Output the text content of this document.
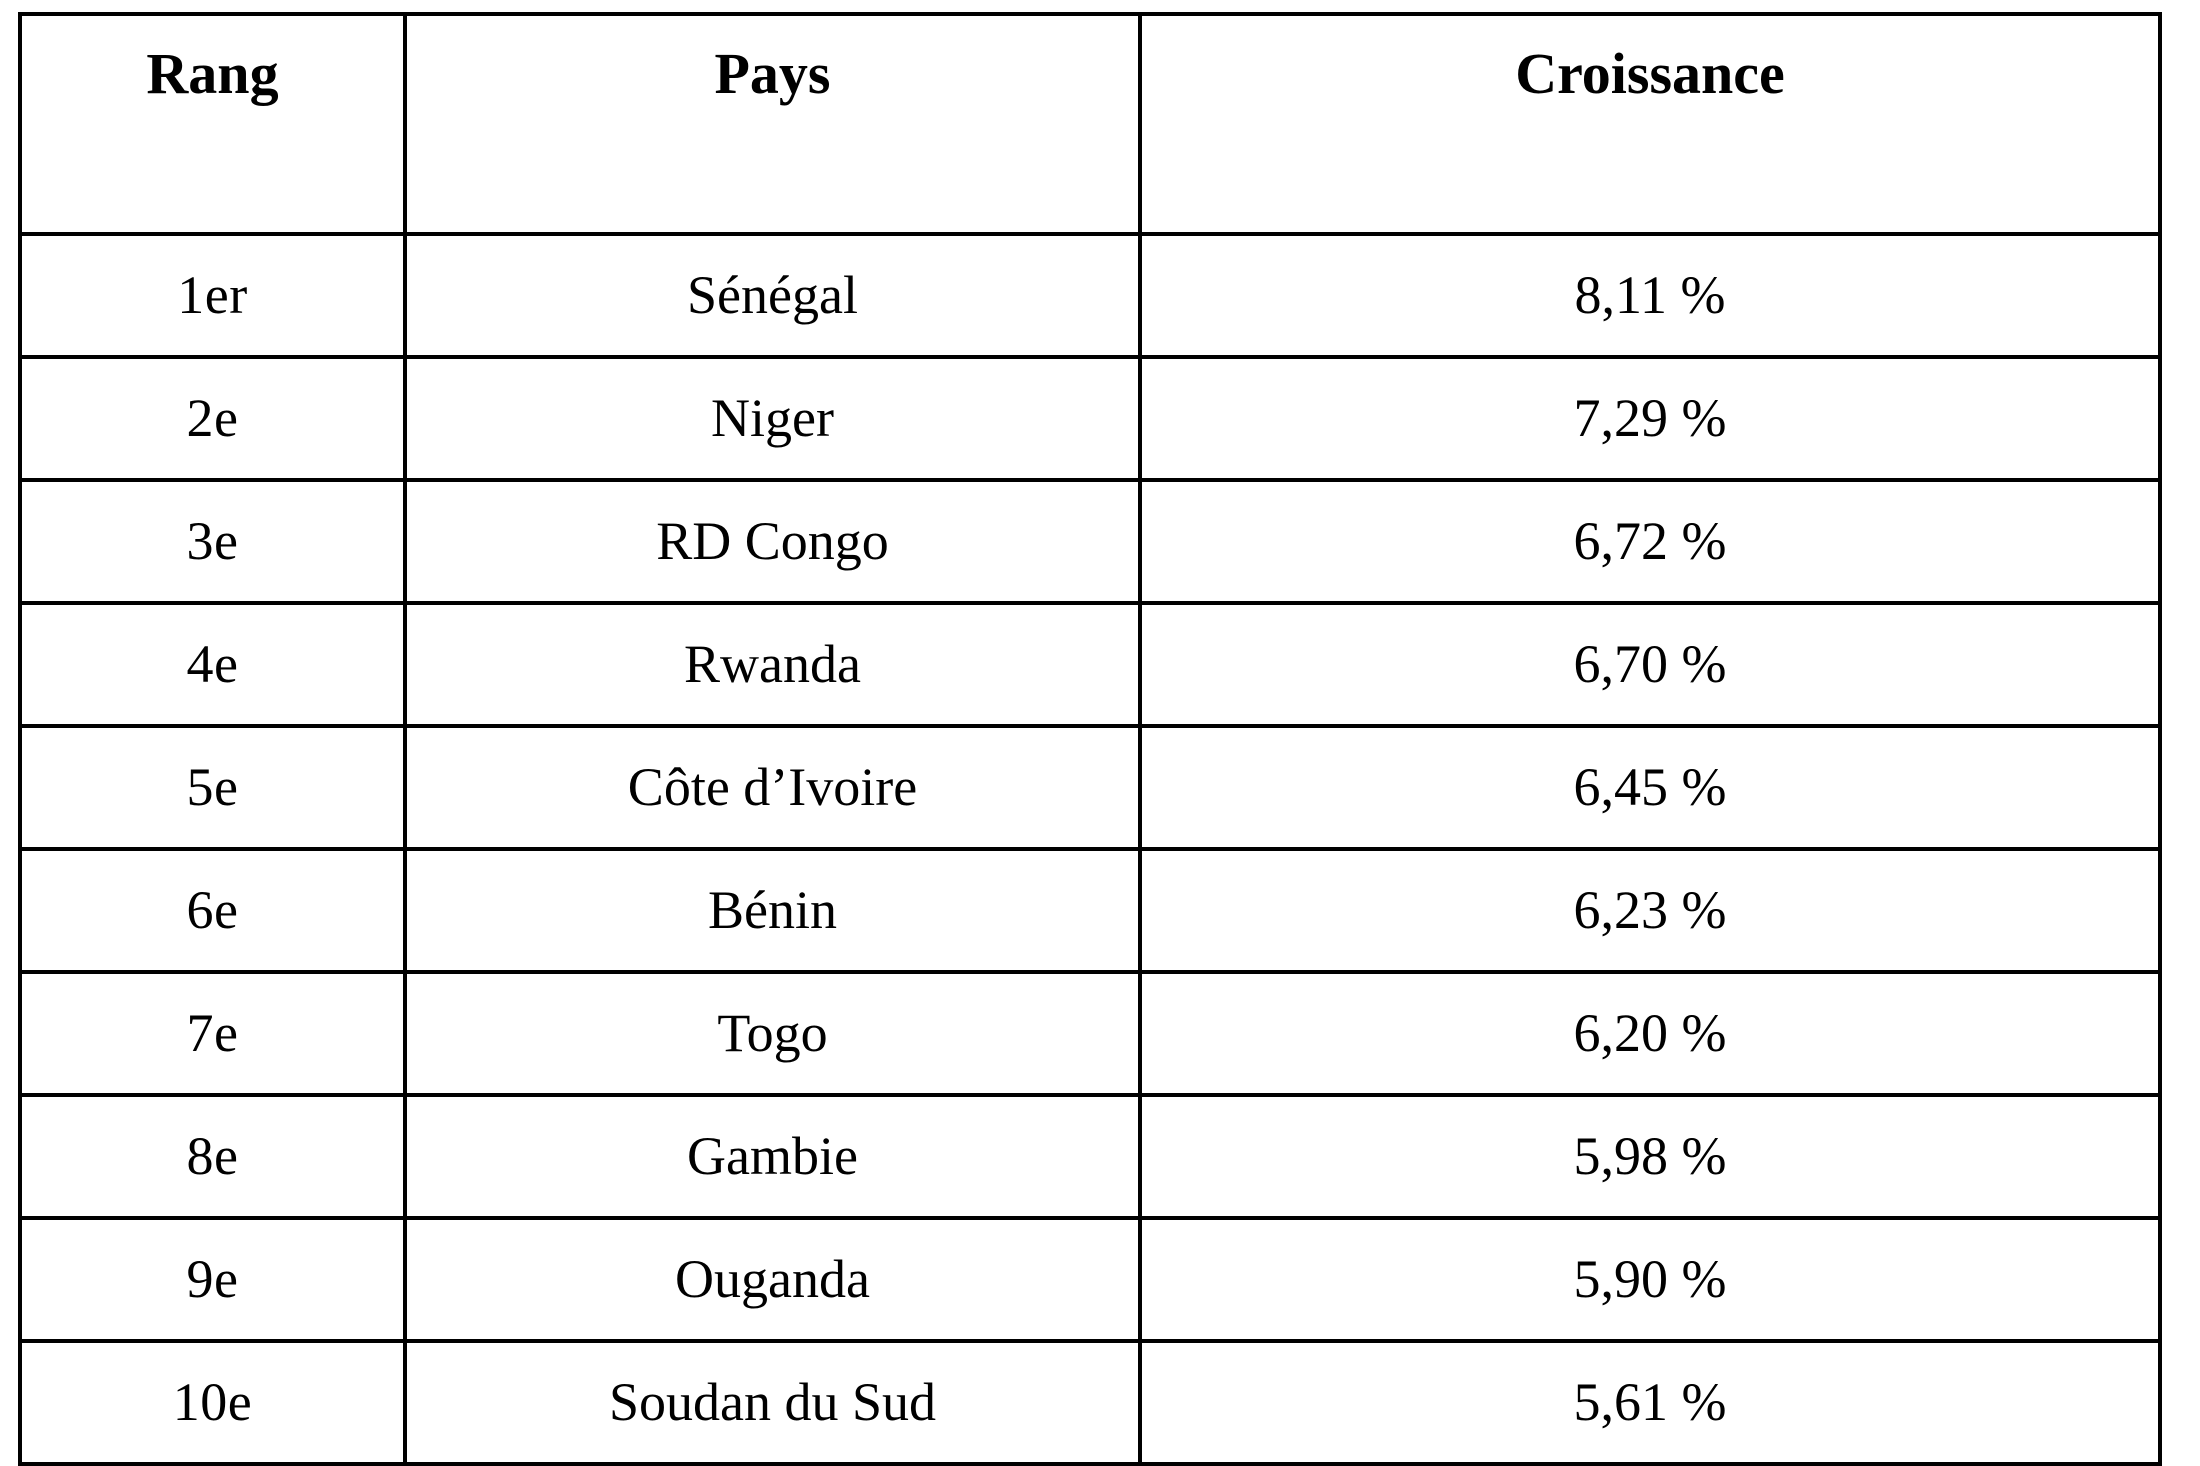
Rang	Pays	Croissance
1er	Sénégal	8,11 %
2e	Niger	7,29 %
3e	RD Congo	6,72 %
4e	Rwanda	6,70 %
5e	Côte d’Ivoire	6,45 %
6e	Bénin	6,23 %
7e	Togo	6,20 %
8e	Gambie	5,98 %
9e	Ouganda	5,90 %
10e	Soudan du Sud	5,61 %
